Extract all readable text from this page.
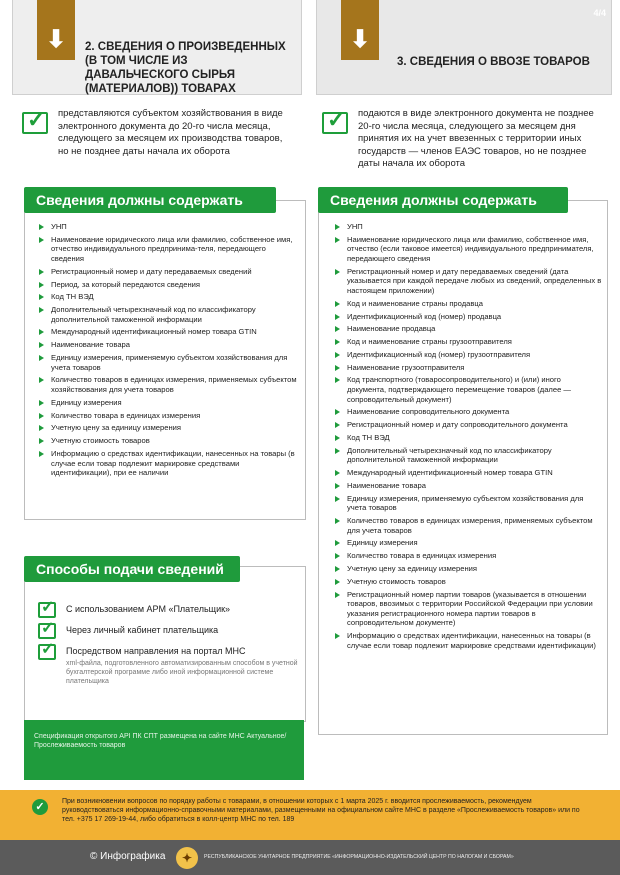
⬇	2. СВЕДЕНИЯ О ПРОИЗВЕДЕННЫХ (В ТОМ ЧИСЛЕ ИЗ ДАВАЛЬЧЕСКОГО СЫРЬЯ (МАТЕРИАЛОВ)) ТОВАРАХ
⬇
3. СВЕДЕНИЯ О ВВОЗЕ ТОВАРОВ
4/4
✓ представляются субъектом хозяйствования в виде электронного документа до 20-го числа месяца, следующего за месяцем их производства товаров, но не позднее даты начала их оборота
✓ подаются в виде электронного документа не позднее 20-го числа месяца, следующего за месяцем дня принятия их на учет ввезенных с территории иных государств — членов ЕАЭС товаров, но не позднее даты начала их оборота
Сведения должны содержать
УНП
Наименование юридического лица или фамилию, собственное имя, отчество индивидуального предпринима-теля, передающего сведения
Регистрационный номер и дату передаваемых сведений
Период, за который передаются сведения
Код ТН ВЭД
Дополнительный четырехзначный код по классификатору дополнительной таможенной информации
Международный идентификационный номер товара GTIN
Наименование товара
Единицу измерения, применяемую субъектом хозяйствования для учета товаров
Количество товаров в единицах измерения, применяемых субъектом хозяйствования для учета товаров
Единицу измерения
Количество товара в единицах измерения
Учетную цену за единицу измерения
Учетную стоимость товаров
Информацию о средствах идентификации, нанесенных на товары (в случае если товар подлежит маркировке средствами идентификации), при ее наличии
Сведения должны содержать
УНП
Наименование юридического лица или фамилию, собственное имя, отчество (если таковое имеется) индивидуального предпринимателя, передающего сведения
Регистрационный номер и дату передаваемых сведений (дата указывается при каждой передаче любых из сведений, определенных в настоящем приложении)
Код и наименование страны продавца
Идентификационный код (номер) продавца
Наименование продавца
Код и наименование страны грузоотправителя
Идентификационный код (номер) грузоотправителя
Наименование грузоотправителя
Код транспортного (товаросопроводительного) и (или) иного документа, подтверждающего перемещение товаров (далее — сопроводительный документ)
Наименование сопроводительного документа
Регистрационный номер и дату сопроводительного документа
Код ТН ВЭД
Дополнительный четырехзначный код по классификатору дополнительной таможенной информации
Международный идентификационный номер товара GTIN
Наименование товара
Единицу измерения, применяемую субъектом хозяйствования для учета товаров
Количество товаров в единицах измерения, применяемых субъектом для учета товаров
Единицу измерения
Количество товара в единицах измерения
Учетную цену за единицу измерения
Учетную стоимость товаров
Регистрационный номер партии товаров (указывается в отношении товаров, ввозимых с территории Российской Федерации при условии указания регистрационного номера партии товаров в сопроводительном документе)
Информацию о средствах идентификации, нанесенных на товары (в случае если товар подлежит маркировке средствами идентификации)
Способы подачи сведений
✓ С использованием АРМ «Плательщик»
✓ Через личный кабинет плательщика
✓ Посредством направления на портал МНС
xml-файла, подготовленного автоматизированным способом в учетной бухгалтерской программе либо иной информационной системе плательщика
Спецификация открытого API ПК СПТ размещена на сайте МНС Актуальное/Прослеживаемость товаров
✓	При возникновении вопросов по порядку работы с товарами, в отношении которых с 1 марта 2025 г. вводится прослеживаемость, рекомендуем руководствоваться информационно-справочными материалами, размещенными на официальном сайте МНС в разделе «Прослеживаемость товаров» или по тел. +375 17 269-19-44, либо обратиться в колл-центр МНС по тел. 189
© Инфографика	✦	РЕСПУБЛИКАНСКОЕ УНИТАРНОЕ ПРЕДПРИЯТИЕ «ИНФОРМАЦИОННО-ИЗДАТЕЛЬСКИЙ ЦЕНТР ПО НАЛОГАМ И СБОРАМ»
